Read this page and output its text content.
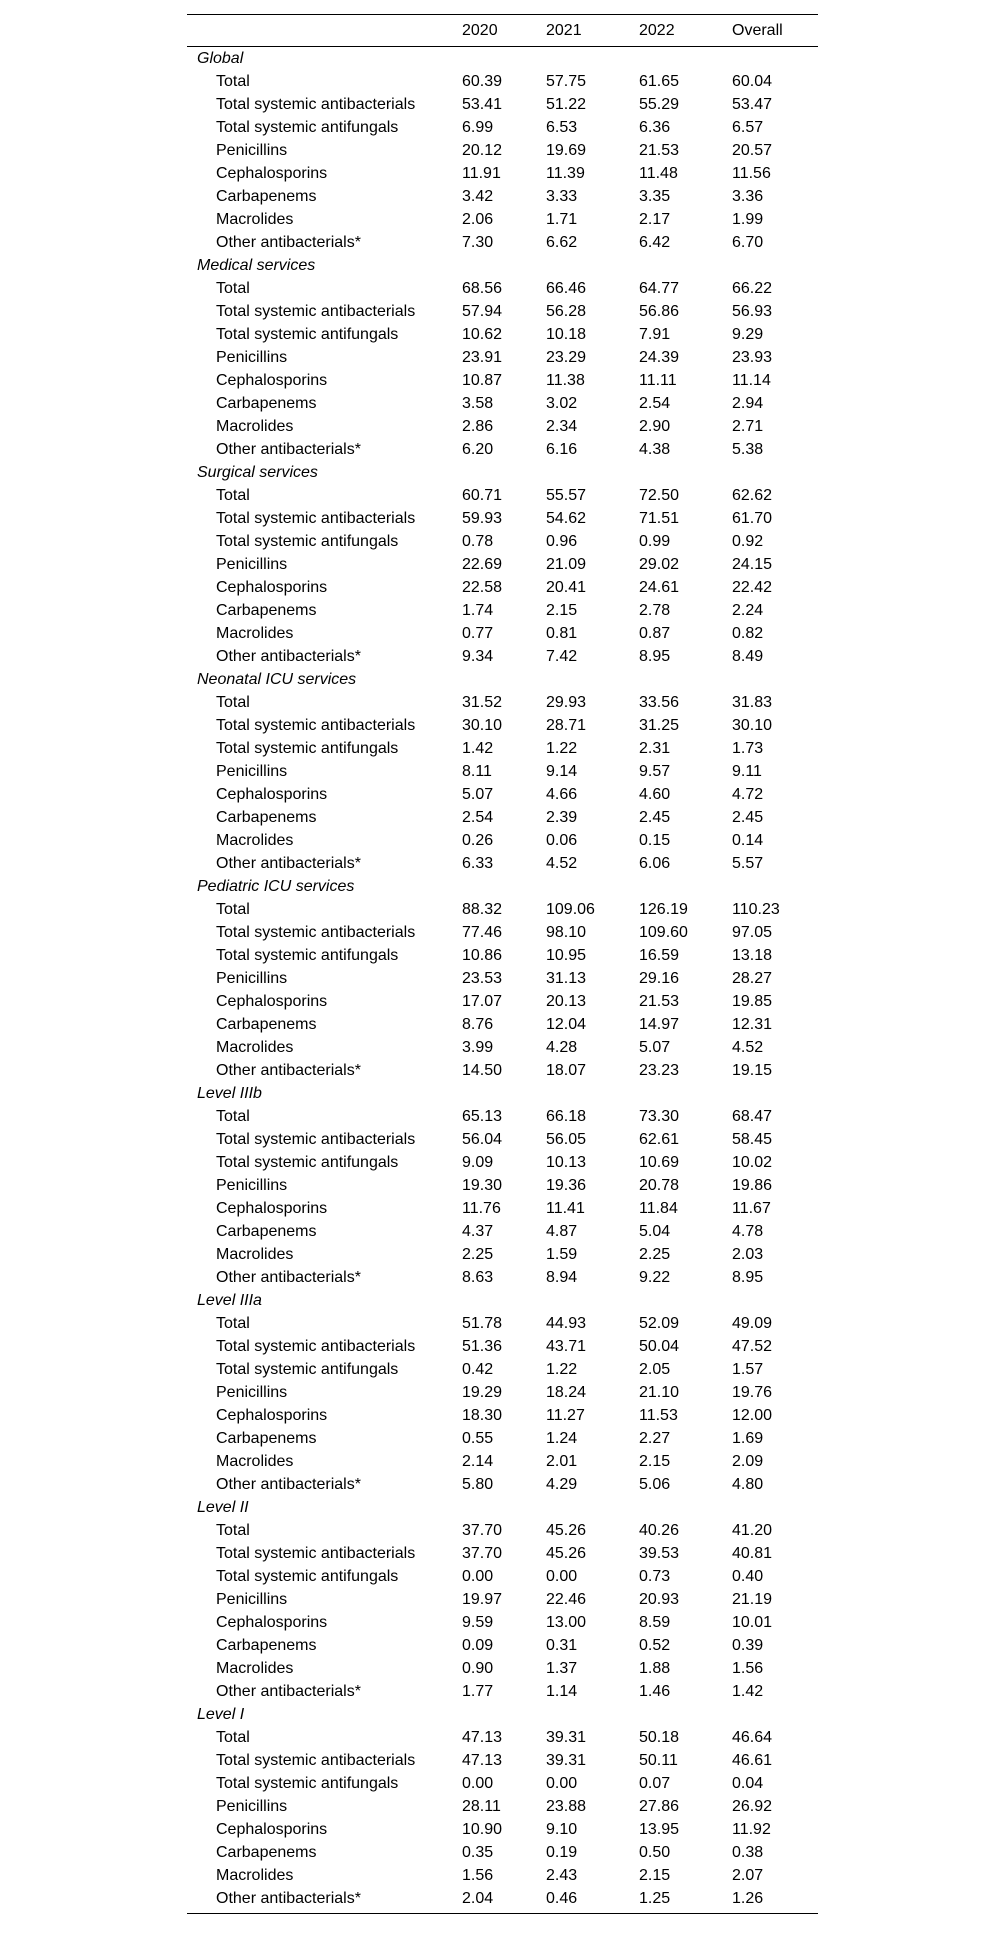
	2020	2021	2022	Overall
Global				
Total	60.39	57.75	61.65	60.04
Total systemic antibacterials	53.41	51.22	55.29	53.47
Total systemic antifungals	6.99	6.53	6.36	6.57
Penicillins	20.12	19.69	21.53	20.57
Cephalosporins	11.91	11.39	11.48	11.56
Carbapenems	3.42	3.33	3.35	3.36
Macrolides	2.06	1.71	2.17	1.99
Other antibacterials*	7.30	6.62	6.42	6.70
Medical services				
Total	68.56	66.46	64.77	66.22
Total systemic antibacterials	57.94	56.28	56.86	56.93
Total systemic antifungals	10.62	10.18	7.91	9.29
Penicillins	23.91	23.29	24.39	23.93
Cephalosporins	10.87	11.38	11.11	11.14
Carbapenems	3.58	3.02	2.54	2.94
Macrolides	2.86	2.34	2.90	2.71
Other antibacterials*	6.20	6.16	4.38	5.38
Surgical services				
Total	60.71	55.57	72.50	62.62
Total systemic antibacterials	59.93	54.62	71.51	61.70
Total systemic antifungals	0.78	0.96	0.99	0.92
Penicillins	22.69	21.09	29.02	24.15
Cephalosporins	22.58	20.41	24.61	22.42
Carbapenems	1.74	2.15	2.78	2.24
Macrolides	0.77	0.81	0.87	0.82
Other antibacterials*	9.34	7.42	8.95	8.49
Neonatal ICU services				
Total	31.52	29.93	33.56	31.83
Total systemic antibacterials	30.10	28.71	31.25	30.10
Total systemic antifungals	1.42	1.22	2.31	1.73
Penicillins	8.11	9.14	9.57	9.11
Cephalosporins	5.07	4.66	4.60	4.72
Carbapenems	2.54	2.39	2.45	2.45
Macrolides	0.26	0.06	0.15	0.14
Other antibacterials*	6.33	4.52	6.06	5.57
Pediatric ICU services				
Total	88.32	109.06	126.19	110.23
Total systemic antibacterials	77.46	98.10	109.60	97.05
Total systemic antifungals	10.86	10.95	16.59	13.18
Penicillins	23.53	31.13	29.16	28.27
Cephalosporins	17.07	20.13	21.53	19.85
Carbapenems	8.76	12.04	14.97	12.31
Macrolides	3.99	4.28	5.07	4.52
Other antibacterials*	14.50	18.07	23.23	19.15
Level IIIb				
Total	65.13	66.18	73.30	68.47
Total systemic antibacterials	56.04	56.05	62.61	58.45
Total systemic antifungals	9.09	10.13	10.69	10.02
Penicillins	19.30	19.36	20.78	19.86
Cephalosporins	11.76	11.41	11.84	11.67
Carbapenems	4.37	4.87	5.04	4.78
Macrolides	2.25	1.59	2.25	2.03
Other antibacterials*	8.63	8.94	9.22	8.95
Level IIIa				
Total	51.78	44.93	52.09	49.09
Total systemic antibacterials	51.36	43.71	50.04	47.52
Total systemic antifungals	0.42	1.22	2.05	1.57
Penicillins	19.29	18.24	21.10	19.76
Cephalosporins	18.30	11.27	11.53	12.00
Carbapenems	0.55	1.24	2.27	1.69
Macrolides	2.14	2.01	2.15	2.09
Other antibacterials*	5.80	4.29	5.06	4.80
Level II				
Total	37.70	45.26	40.26	41.20
Total systemic antibacterials	37.70	45.26	39.53	40.81
Total systemic antifungals	0.00	0.00	0.73	0.40
Penicillins	19.97	22.46	20.93	21.19
Cephalosporins	9.59	13.00	8.59	10.01
Carbapenems	0.09	0.31	0.52	0.39
Macrolides	0.90	1.37	1.88	1.56
Other antibacterials*	1.77	1.14	1.46	1.42
Level I				
Total	47.13	39.31	50.18	46.64
Total systemic antibacterials	47.13	39.31	50.11	46.61
Total systemic antifungals	0.00	0.00	0.07	0.04
Penicillins	28.11	23.88	27.86	26.92
Cephalosporins	10.90	9.10	13.95	11.92
Carbapenems	0.35	0.19	0.50	0.38
Macrolides	1.56	2.43	2.15	2.07
Other antibacterials*	2.04	0.46	1.25	1.26
